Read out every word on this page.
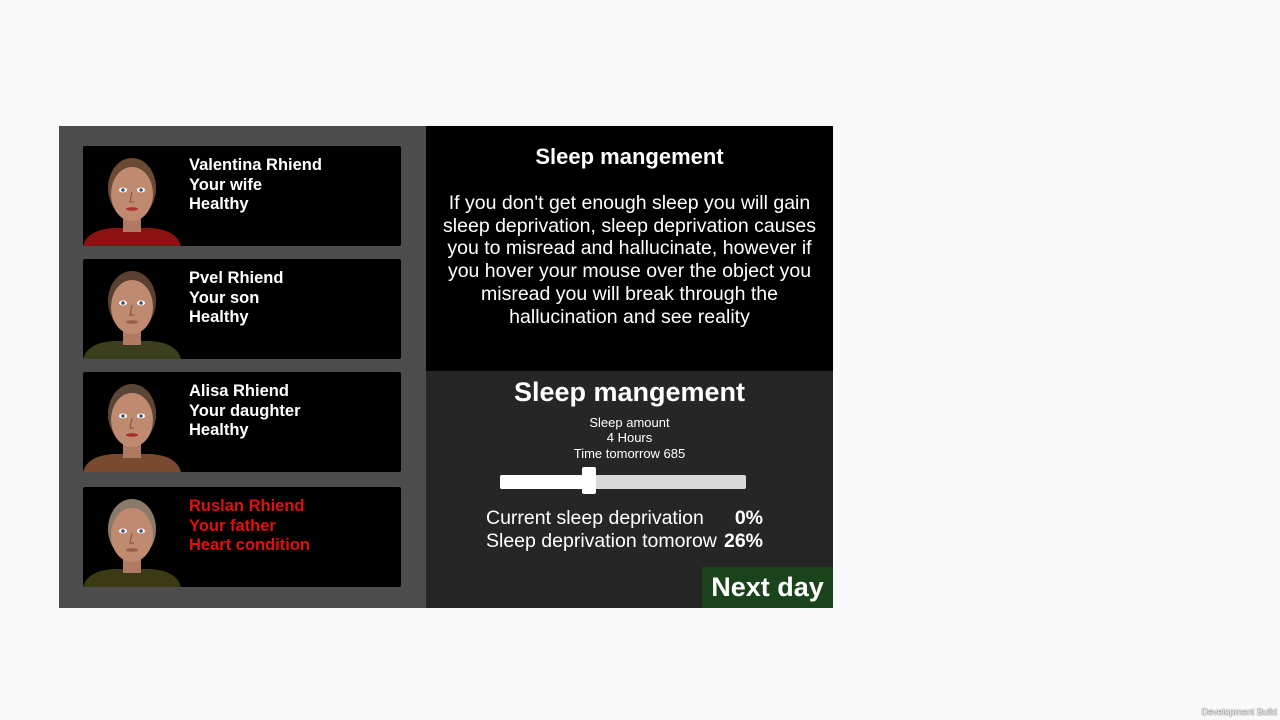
Valentina Rhiend
Your wife
Healthy
Pvel Rhiend
Your son
Healthy
Alisa Rhiend
Your daughter
Healthy
Ruslan Rhiend
Your father
Heart condition
Sleep mangement
If you don't get enough sleep you will gain sleep deprivation, sleep deprivation causes you to misread and hallucinate, however if you hover your mouse over the object you misread you will break through the hallucination and see reality
Sleep mangement
Sleep amount
4 Hours
Time tomorrow 685
Current sleep deprivation 0%
Sleep deprivation tomorow 26%
Next day
Development Build
